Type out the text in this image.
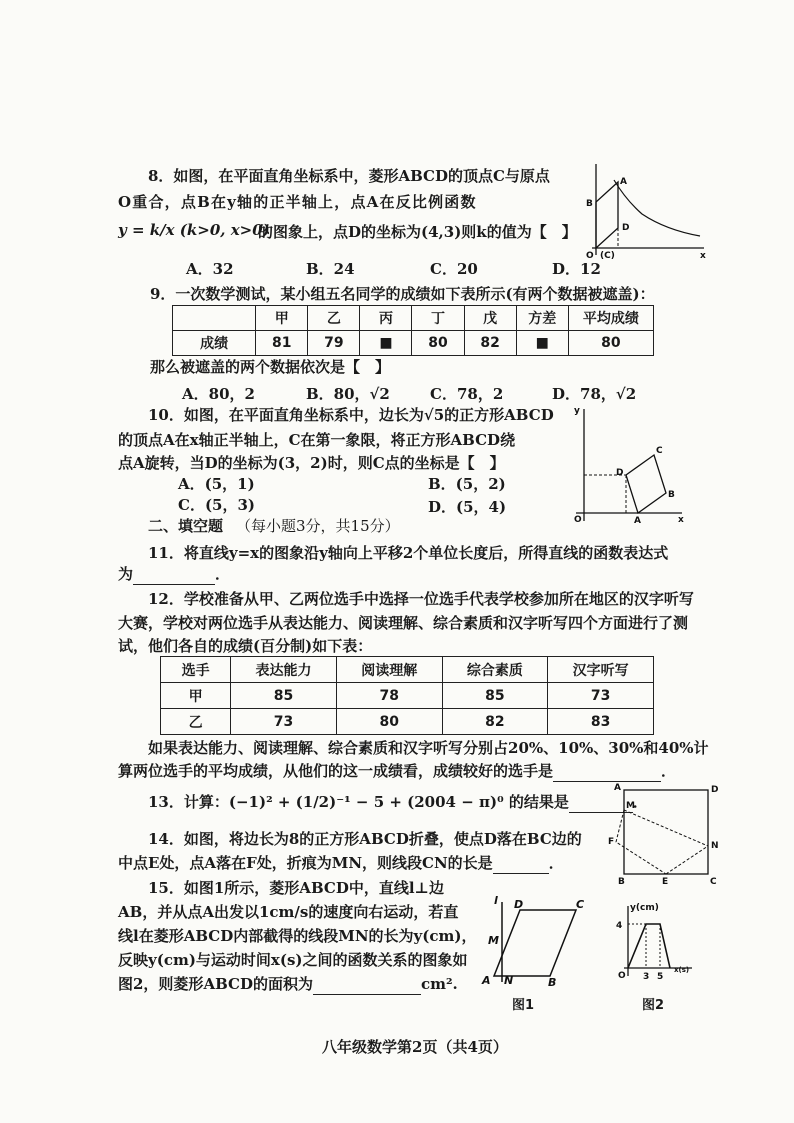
8．如图，在平面直角坐标系中，菱形ABCD的顶点C与原点
O重合，点B在y轴的正半轴上，点A在反比例函数
y = k/x (k>0, x>0)
的图象上，点D的坐标为(4,3)则k的值为【　】
A．32	B．24	C．20	D．12
A
B
D
O (C)	x
9．一次数学测试，某小组五名同学的成绩如下表所示(有两个数据被遮盖)：
	甲	乙	丙	丁	戊	方差	平均成绩
成绩	81	79	■	80	82	■	80
那么被遮盖的两个数据依次是【　】
A．80，2	B．80，√2	C．78，2	D．78，√2
10．如图，在平面直角坐标系中，边长为√5的正方形ABCD
的顶点A在x轴正半轴上，C在第一象限，将正方形ABCD绕
点A旋转，当D的坐标为(3，2)时，则C点的坐标是【　】
A．(5，1)	B．(5，2)
C．(5，3)	D．(5，4)
y
C
D
B
O	A	x
二、填空题 （每小题3分，共15分）
11．将直线y=x的图象沿y轴向上平移2个单位长度后，所得直线的函数表达式
为	．
12．学校准备从甲、乙两位选手中选择一位选手代表学校参加所在地区的汉字听写
大赛，学校对两位选手从表达能力、阅读理解、综合素质和汉字听写四个方面进行了测
试，他们各自的成绩(百分制)如下表：
选手	表达能力	阅读理解	综合素质	汉字听写
甲	85	78	85	73
乙	73	80	82	83
如果表达能力、阅读理解、综合素质和汉字听写分别占20%、10%、30%和40%计
算两位选手的平均成绩，从他们的这一成绩看，成绩较好的选手是	．
13．计算：(−1)² + (1/2)⁻¹ − 5 + (2004 − π)⁰ 的结果是	．
14．如图，将边长为8的正方形ABCD折叠，使点D落在BC边的
中点E处，点A落在F处，折痕为MN，则线段CN的长是	．
A	D
M
F	N
B	E	C
15．如图1所示，菱形ABCD中，直线l⊥边
AB，并从点A出发以1cm/s的速度向右运动，若直
线l在菱形ABCD内部截得的线段MN的长为y(cm)，
反映y(cm)与运动时间x(s)之间的函数关系的图象如
图2，则菱形ABCD的面积为	cm².
l D	C
M
A N	B
图1
y(cm)
4
O 3 5
x(s)
图2
八年级数学第2页（共4页）
